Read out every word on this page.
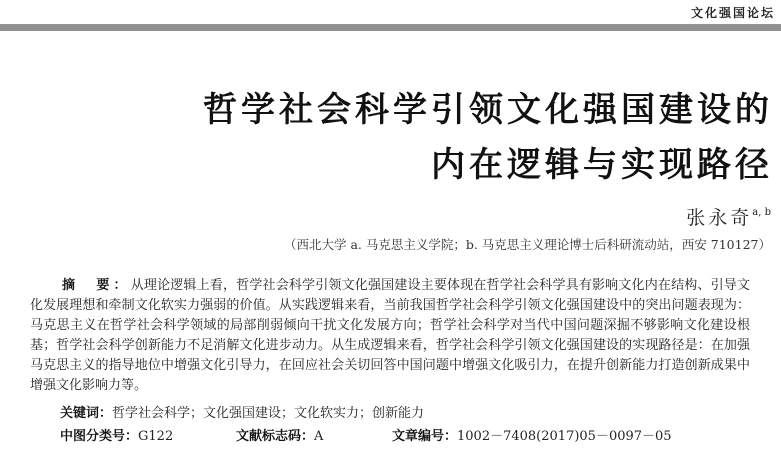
文化强国论坛
哲学社会科学引领文化强国建设的
内在逻辑与实现路径
张永奇$^{a, b}$
（西北大学 a. 马克思主义学院；b. 马克思主义理论博士后科研流动站，西安 710127）
摘　要：从理论逻辑上看，哲学社会科学引领文化强国建设主要体现在哲学社会科学具有影响文化内在结构、引导文化发展理想和牵制文化软实力强弱的价值。从实践逻辑来看，当前我国哲学社会科学引领文化强国建设中的突出问题表现为：马克思主义在哲学社会科学领域的局部削弱倾向干扰文化发展方向；哲学社会科学对当代中国问题深掘不够影响文化建设根基；哲学社会科学创新能力不足消解文化进步动力。从生成逻辑来看，哲学社会科学引领文化强国建设的实现路径是：在加强马克思主义的指导地位中增强文化引导力，在回应社会关切回答中国问题中增强文化吸引力，在提升创新能力打造创新成果中增强文化影响力等。
关键词：哲学社会科学；文化强国建设；文化软实力；创新能力
中图分类号：G122	文献标志码：A	文章编号：1002－7408(2017)05－0097－05
